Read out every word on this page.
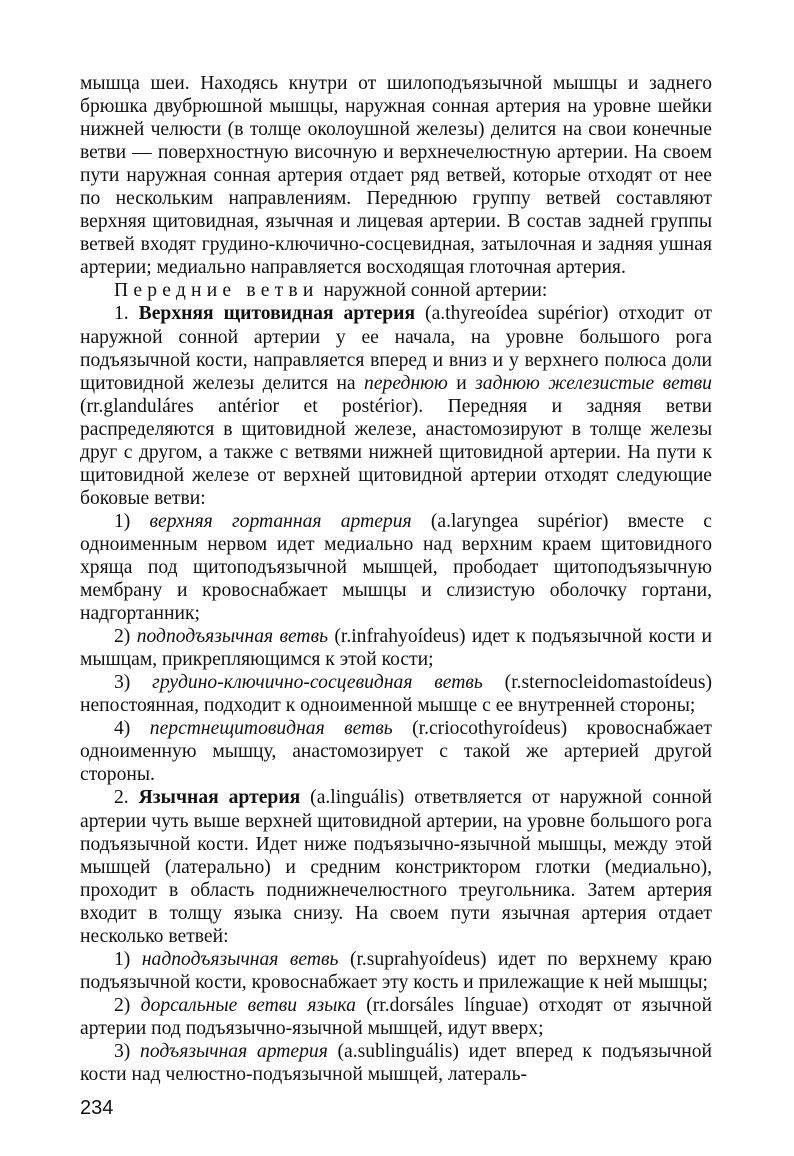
мышца шеи. Находясь кнутри от шилоподъязычной мышцы и заднего брюшка двубрюшной мышцы, наружная сонная артерия на уровне шейки нижней челюсти (в толще околоушной железы) делится на свои конечные ветви — поверхностную височную и верхнечелюстную артерии. На своем пути наружная сонная артерия отдает ряд ветвей, которые отходят от нее по нескольким направлениям. Переднюю группу ветвей составляют верхняя щитовидная, язычная и лицевая артерии. В состав задней группы ветвей входят грудино-ключично-сосцевидная, затылочная и задняя ушная артерии; медиально направляется восходящая глоточная артерия.

Передние ветви наружной сонной артерии:

1. Верхняя щитовидная артерия (a.thyreoídea supérior) отходит от наружной сонной артерии у ее начала, на уровне большого рога подъязычной кости, направляется вперед и вниз и у верхнего полюса доли щитовидной железы делится на переднюю и заднюю железистые ветви (rr.glanduláres antérior et postérior). Передняя и задняя ветви распределяются в щитовидной железе, анастомозируют в толще железы друг с другом, а также с ветвями нижней щитовидной артерии. На пути к щитовидной железе от верхней щитовидной артерии отходят следующие боковые ветви:

1) верхняя гортанная артерия (a.laryngea supérior) вместе с одноименным нервом идет медиально над верхним краем щитовидного хряща под щитоподъязычной мышцей, прободает щитоподъязычную мембрану и кровоснабжает мышцы и слизистую оболочку гортани, надгортанник;

2) подподъязычная ветвь (r.infrahyoídeus) идет к подъязычной кости и мышцам, прикрепляющимся к этой кости;

3) грудино-ключично-сосцевидная ветвь (r.sternocleidomastoídeus) непостоянная, подходит к одноименной мышце с ее внутренней стороны;

4) перстнещитовидная ветвь (r.criocothyroídeus) кровоснабжает одноименную мышцу, анастомозирует с такой же артерией другой стороны.

2. Язычная артерия (a.linguális) ответвляется от наружной сонной артерии чуть выше верхней щитовидной артерии, на уровне большого рога подъязычной кости. Идет ниже подъязычно-язычной мышцы, между этой мышцей (латерально) и средним констриктором глотки (медиально), проходит в область поднижнечелюстного треугольника. Затем артерия входит в толщу языка снизу. На своем пути язычная артерия отдает несколько ветвей:

1) надподъязычная ветвь (r.suprahyoídeus) идет по верхнему краю подъязычной кости, кровоснабжает эту кость и прилежащие к ней мышцы;

2) дорсальные ветви языка (rr.dorsáles línguae) отходят от язычной артерии под подъязычно-язычной мышцей, идут вверх;

3) подъязычная артерия (a.sublinguális) идет вперед к подъязычной кости над челюстно-подъязычной мышцей, латераль-

234
